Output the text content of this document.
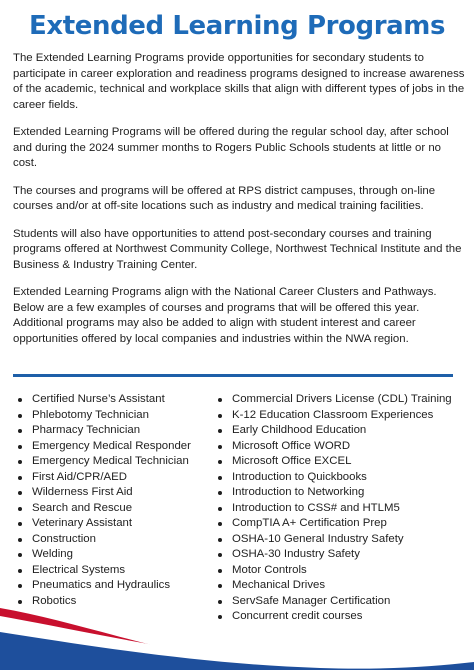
Extended Learning Programs

The Extended Learning Programs provide opportunities for secondary students to participate in career exploration and readiness programs designed to increase awareness of the academic, technical and workplace skills that align with different types of jobs in the career fields.

Extended Learning Programs will be offered during the regular school day, after school and during the 2024 summer months to Rogers Public Schools students at little or no cost.

The courses and programs will be offered at RPS district campuses, through on-line courses and/or at off-site locations such as industry and medical training facilities.

Students will also have opportunities to attend post-secondary courses and training programs offered at Northwest Community College, Northwest Technical Institute and the Business & Industry Training Center.

Extended Learning Programs align with the National Career Clusters and Pathways. Below are a few examples of courses and programs that will be offered this year. Additional programs may also be added to align with student interest and career opportunities offered by local companies and industries within the NWA region.

Certified Nurse’s Assistant
Phlebotomy Technician
Pharmacy Technician
Emergency Medical Responder
Emergency Medical Technician
First Aid/CPR/AED
Wilderness First Aid
Search and Rescue
Veterinary Assistant
Construction
Welding
Electrical Systems
Pneumatics and Hydraulics
Robotics
Commercial Drivers License (CDL) Training
K-12 Education Classroom Experiences
Early Childhood Education
Microsoft Office WORD
Microsoft Office EXCEL
Introduction to Quickbooks
Introduction to Networking
Introduction to CSS# and HTLM5
CompTIA A+ Certification Prep
OSHA-10 General Industry Safety
OSHA-30 Industry Safety
Motor Controls
Mechanical Drives
ServSafe Manager Certification
Concurrent credit courses
